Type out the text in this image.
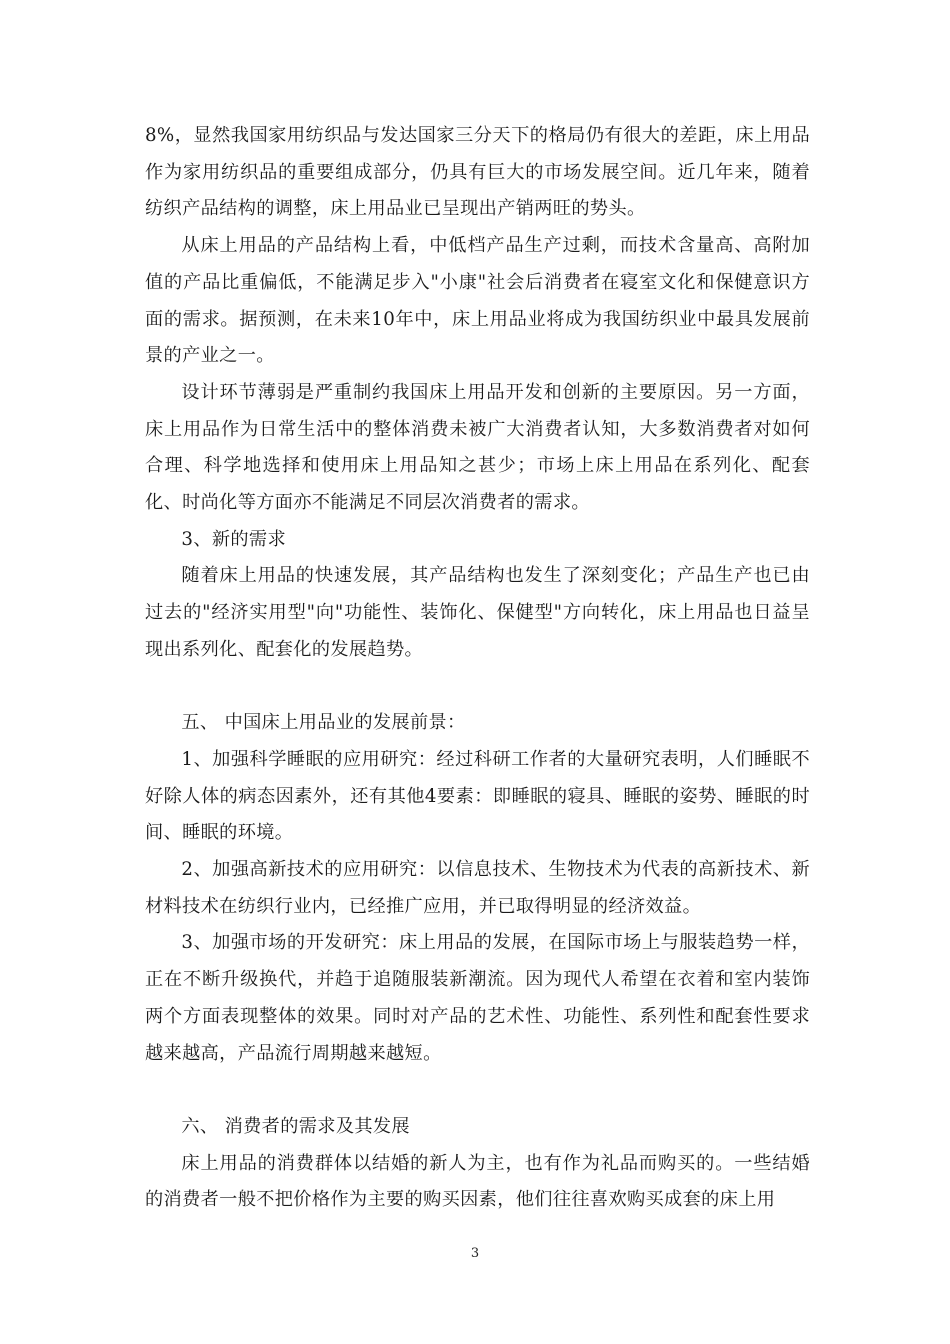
8%，显然我国家用纺织品与发达国家三分天下的格局仍有很大的差距，床上用品作为家用纺织品的重要组成部分，仍具有巨大的市场发展空间。近几年来，随着纺织产品结构的调整，床上用品业已呈现出产销两旺的势头。

从床上用品的产品结构上看，中低档产品生产过剩，而技术含量高、高附加值的产品比重偏低，不能满足步入"小康"社会后消费者在寝室文化和保健意识方面的需求。据预测，在未来10年中，床上用品业将成为我国纺织业中最具发展前景的产业之一。

设计环节薄弱是严重制约我国床上用品开发和创新的主要原因。另一方面，床上用品作为日常生活中的整体消费未被广大消费者认知，大多数消费者对如何合理、科学地选择和使用床上用品知之甚少；市场上床上用品在系列化、配套化、时尚化等方面亦不能满足不同层次消费者的需求。

3、新的需求

随着床上用品的快速发展，其产品结构也发生了深刻变化；产品生产也已由过去的"经济实用型"向"功能性、装饰化、保健型"方向转化，床上用品也日益呈现出系列化、配套化的发展趋势。

五、 中国床上用品业的发展前景：

1、加强科学睡眠的应用研究：经过科研工作者的大量研究表明，人们睡眠不好除人体的病态因素外，还有其他4要素：即睡眠的寝具、睡眠的姿势、睡眠的时间、睡眠的环境。

2、加强高新技术的应用研究：以信息技术、生物技术为代表的高新技术、新材料技术在纺织行业内，已经推广应用，并已取得明显的经济效益。

3、加强市场的开发研究：床上用品的发展，在国际市场上与服装趋势一样，正在不断升级换代，并趋于追随服装新潮流。因为现代人希望在衣着和室内装饰两个方面表现整体的效果。同时对产品的艺术性、功能性、系列性和配套性要求越来越高，产品流行周期越来越短。

六、 消费者的需求及其发展

床上用品的消费群体以结婚的新人为主，也有作为礼品而购买的。一些结婚的消费者一般不把价格作为主要的购买因素，他们往往喜欢购买成套的床上用

3
